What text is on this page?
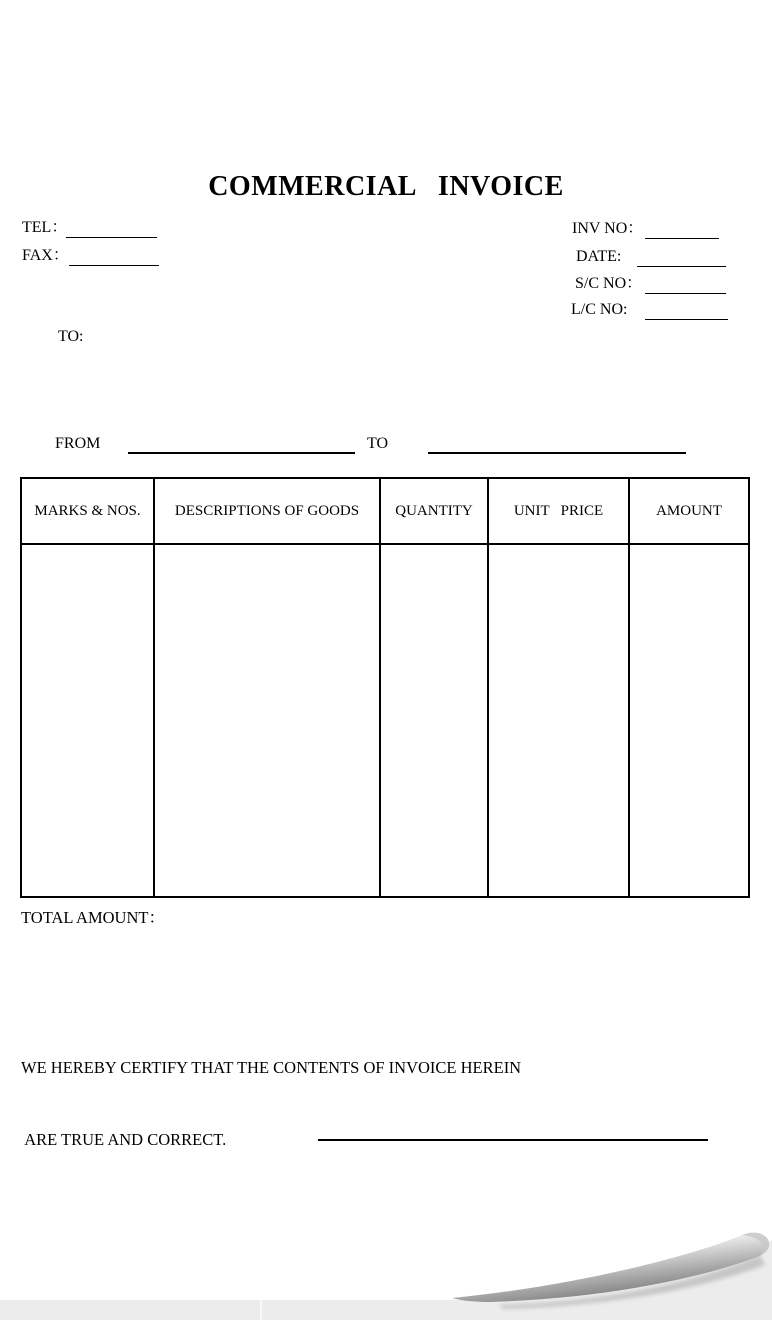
COMMERCIAL   INVOICE
TEL：
FAX：
INV NO：
DATE:
S/C NO：
L/C NO:
TO:
FROM	TO
MARKS & NOS.	DESCRIPTIONS OF GOODS	QUANTITY	UNIT   PRICE	AMOUNT
TOTAL AMOUNT：

WE HEREBY CERTIFY THAT THE CONTENTS OF INVOICE HEREIN

ARE TRUE AND CORRECT.
